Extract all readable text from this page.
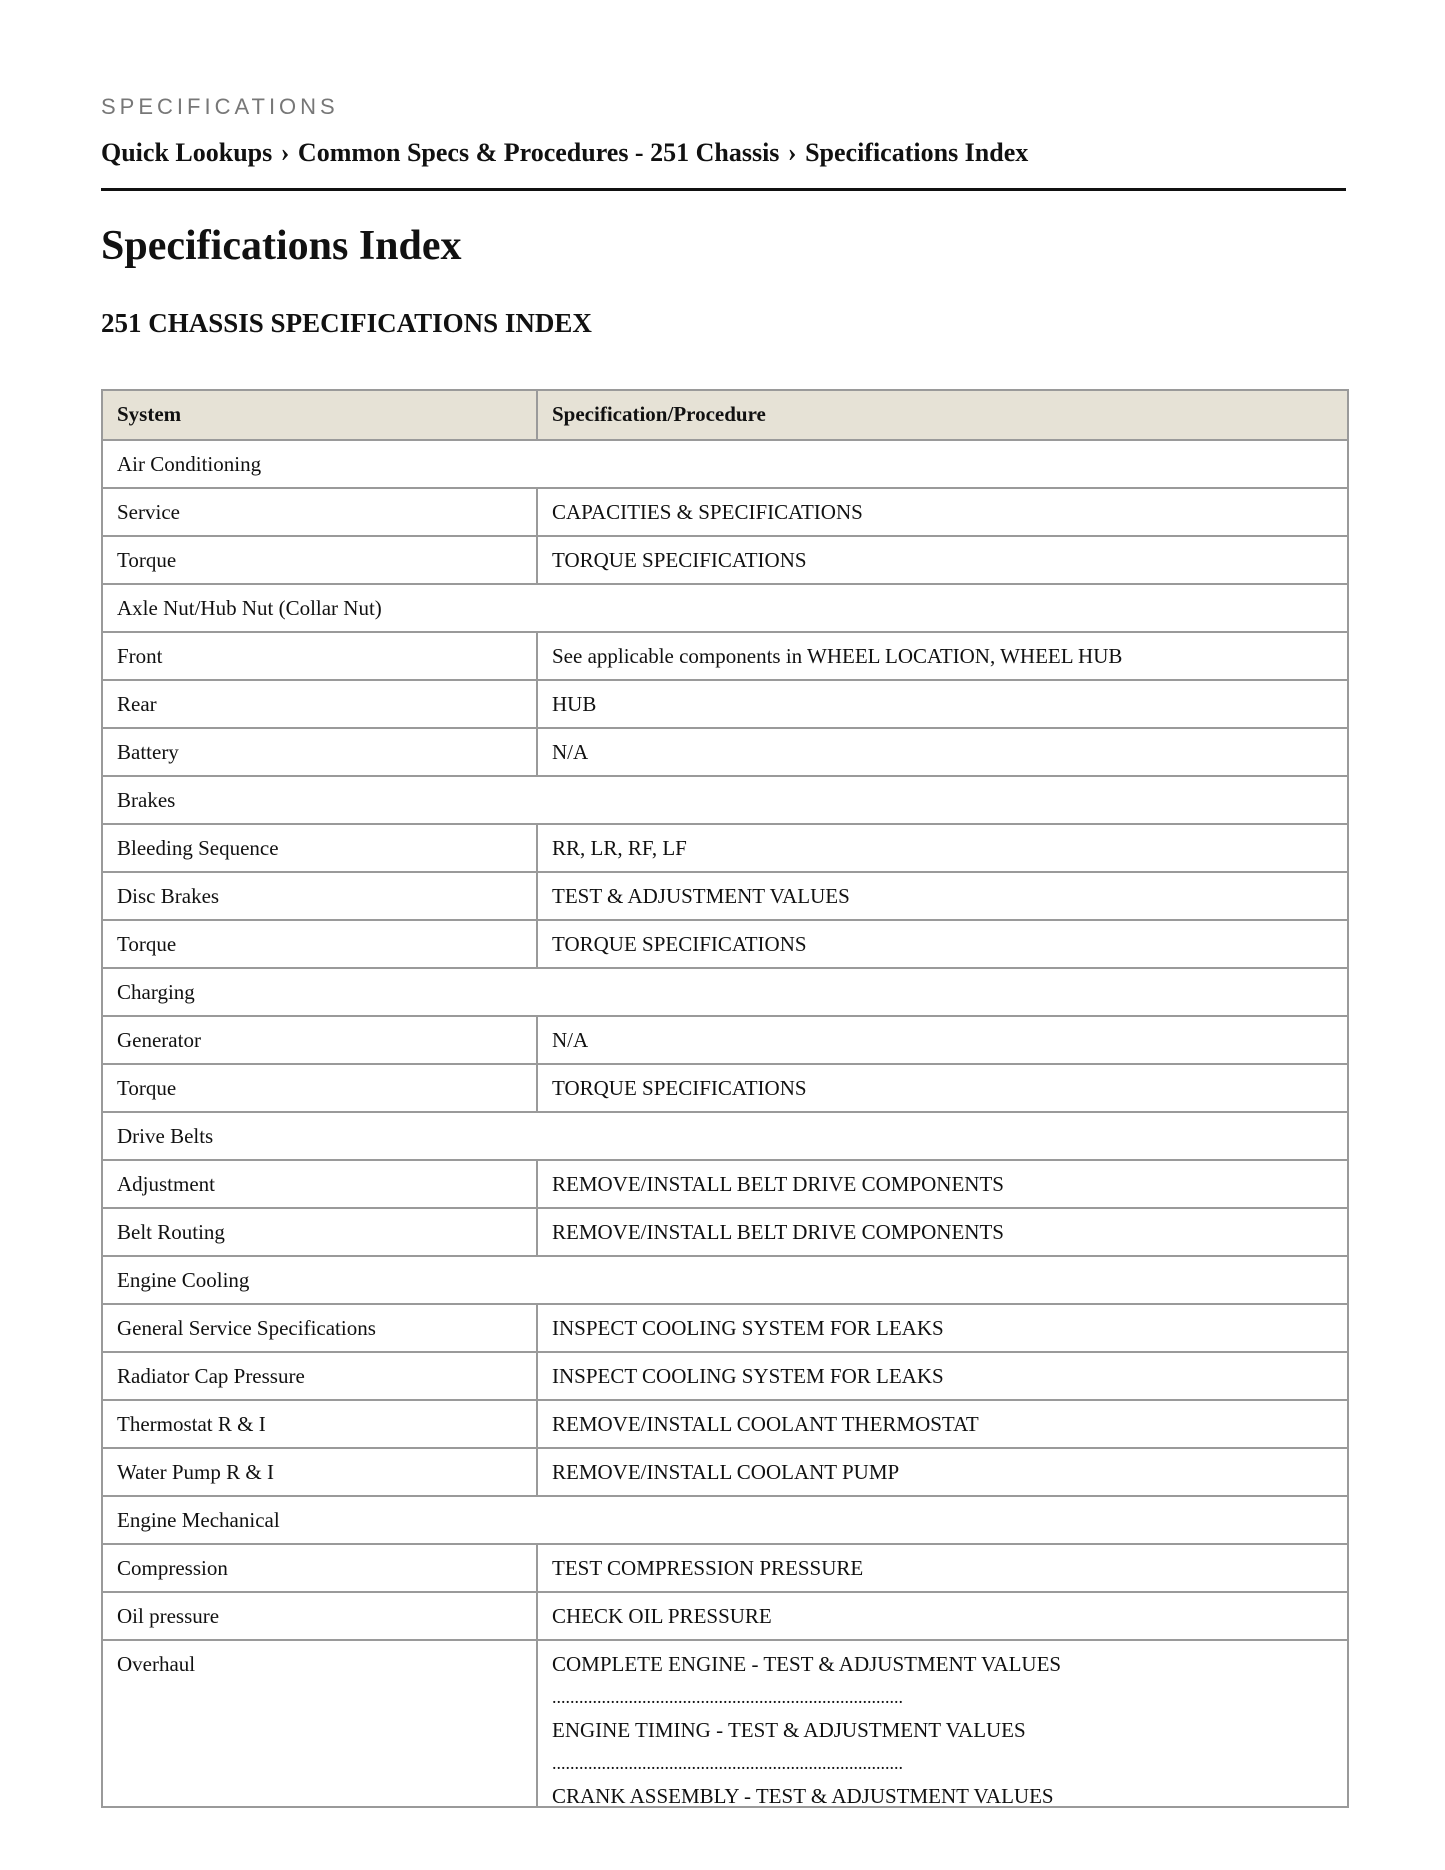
SPECIFICATIONS
Quick Lookups › Common Specs & Procedures - 251 Chassis › Specifications Index
Specifications Index
251 CHASSIS SPECIFICATIONS INDEX
System	Specification/Procedure
Air Conditioning	
Service	CAPACITIES & SPECIFICATIONS
Torque	TORQUE SPECIFICATIONS
Axle Nut/Hub Nut (Collar Nut)	
Front	See applicable components in WHEEL LOCATION, WHEEL HUB
Rear	HUB
Battery	N/A
Brakes	
Bleeding Sequence	RR, LR, RF, LF
Disc Brakes	TEST & ADJUSTMENT VALUES
Torque	TORQUE SPECIFICATIONS
Charging	
Generator	N/A
Torque	TORQUE SPECIFICATIONS
Drive Belts	
Adjustment	REMOVE/INSTALL BELT DRIVE COMPONENTS
Belt Routing	REMOVE/INSTALL BELT DRIVE COMPONENTS
Engine Cooling	
General Service Specifications	INSPECT COOLING SYSTEM FOR LEAKS
Radiator Cap Pressure	INSPECT COOLING SYSTEM FOR LEAKS
Thermostat R & I	REMOVE/INSTALL COOLANT THERMOSTAT
Water Pump R & I	REMOVE/INSTALL COOLANT PUMP
Engine Mechanical	
Compression	TEST COMPRESSION PRESSURE
Oil pressure	CHECK OIL PRESSURE
Overhaul	COMPLETE ENGINE - TEST & ADJUSTMENT VALUES
..............................................................................
ENGINE TIMING - TEST & ADJUSTMENT VALUES
..............................................................................
CRANK ASSEMBLY - TEST & ADJUSTMENT VALUES
